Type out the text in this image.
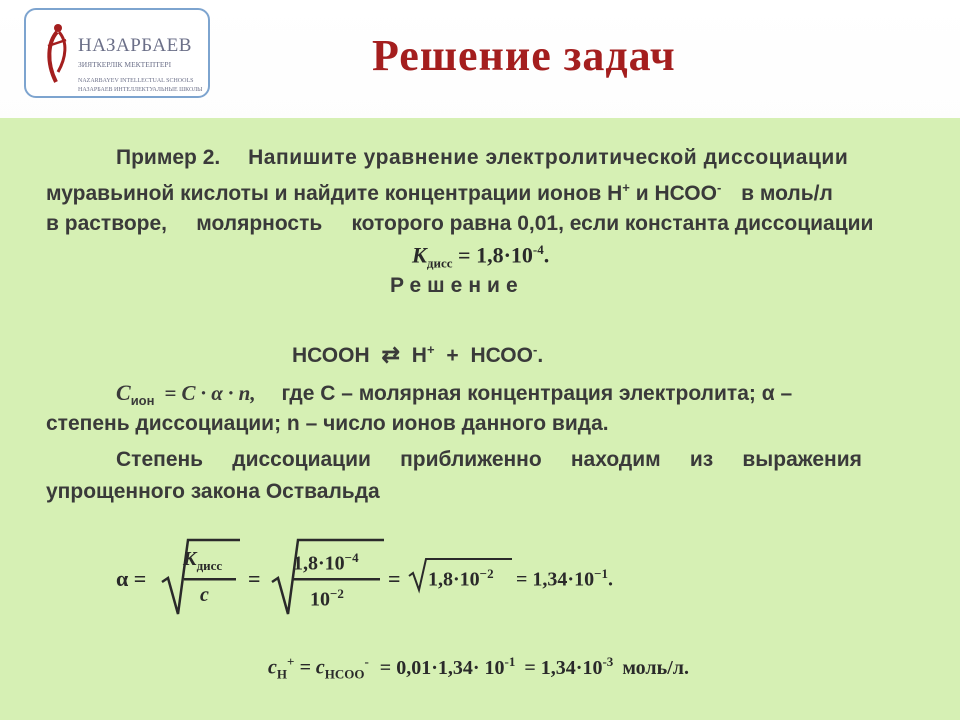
НАЗАРБАЕВ
ЗИЯТКЕРЛІК МЕКТЕПТЕРІ
NAZARBAYEV INTELLECTUAL SCHOOLS
НАЗАРБАЕВ ИНТЕЛЛЕКТУАЛЬНЫЕ ШКОЛЫ
Решение задач
Пример 2. Напишите уравнение электролитической диссоциации
муравьиной кислоты и найдите концентрации ионов Н+ и НСОО- в моль/л
в растворе,     молярность     которого равна 0,01, если константа диссоциации
$К_{дисс} = 1,8\cdot 10^{-4}$.
Решение
НСООН ⇄ Н+ + НСОО-.
$C_{ион} = C \cdot \alpha \cdot n$, где С – молярная концентрация электролита; α –
степень диссоциации; n – число ионов данного вида.
Степень     диссоциации     приближенно     находим     из     выражения
упрощенного закона Оствальда
α =
$К_{дисс}$
с
=
$1,8\cdot 10^{-4}$
$10^{-2}$
= $1,8\cdot 10^{-2} = 1,34\cdot 10^{-1}$.
$c_Н^+ = c_{НСОО}^- = 0,01\cdot 1,34\cdot 10^{-1} = 1,34\cdot 10^{-3}$ моль/л.
